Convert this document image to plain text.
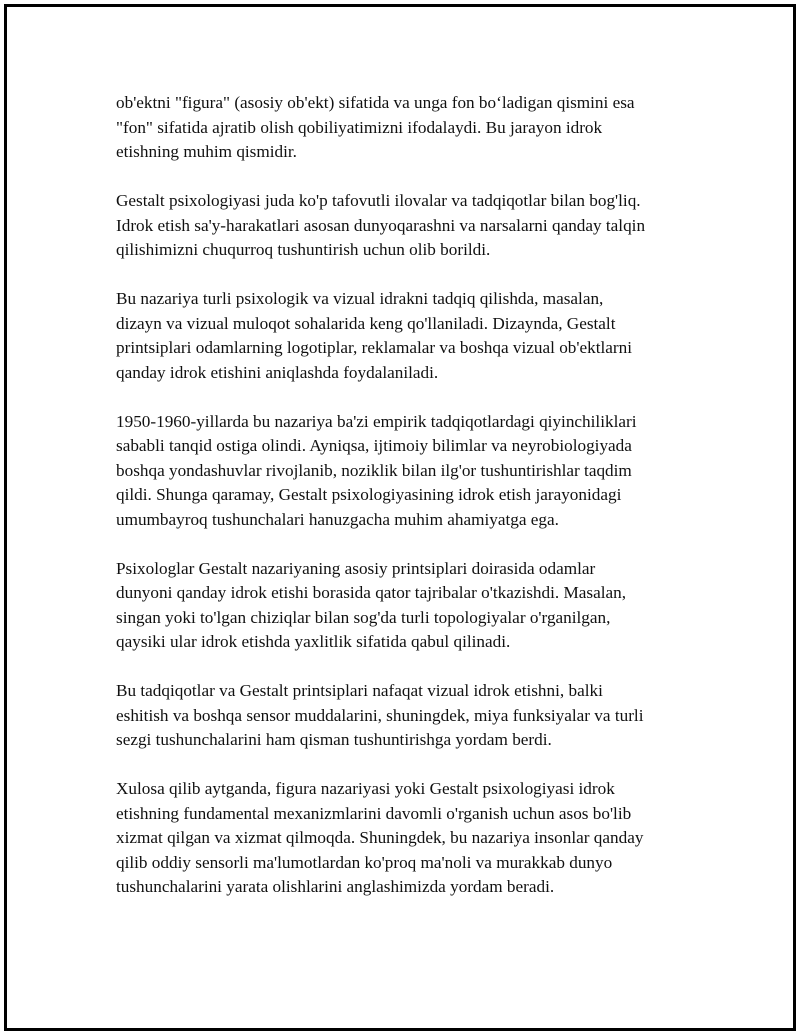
ob'ektni "figura" (asosiy ob'ekt) sifatida va unga fon bo‘ladigan qismini esa
"fon" sifatida ajratib olish qobiliyatimizni ifodalaydi. Bu jarayon idrok
etishning muhim qismidir.

Gestalt psixologiyasi juda ko'p tafovutli ilovalar va tadqiqotlar bilan bog'liq.
Idrok etish sa'y-harakatlari asosan dunyoqarashni va narsalarni qanday talqin
qilishimizni chuqurroq tushuntirish uchun olib borildi.

Bu nazariya turli psixologik va vizual idrakni tadqiq qilishda, masalan,
dizayn va vizual muloqot sohalarida keng qo'llaniladi. Dizaynda, Gestalt
printsiplari odamlarning logotiplar, reklamalar va boshqa vizual ob'ektlarni
qanday idrok etishini aniqlashda foydalaniladi.

1950-1960-yillarda bu nazariya ba'zi empirik tadqiqotlardagi qiyinchiliklari
sababli tanqid ostiga olindi. Ayniqsa, ijtimoiy bilimlar va neyrobiologiyada
boshqa yondashuvlar rivojlanib, noziklik bilan ilg'or tushuntirishlar taqdim
qildi. Shunga qaramay, Gestalt psixologiyasining idrok etish jarayonidagi
umumbayroq tushunchalari hanuzgacha muhim ahamiyatga ega.

Psixologlar Gestalt nazariyaning asosiy printsiplari doirasida odamlar
dunyoni qanday idrok etishi borasida qator tajribalar o'tkazishdi. Masalan,
singan yoki to'lgan chiziqlar bilan sog'da turli topologiyalar o'rganilgan,
qaysiki ular idrok etishda yaxlitlik sifatida qabul qilinadi.

Bu tadqiqotlar va Gestalt printsiplari nafaqat vizual idrok etishni, balki
eshitish va boshqa sensor muddalarini, shuningdek, miya funksiyalar va turli
sezgi tushunchalarini ham qisman tushuntirishga yordam berdi.

Xulosa qilib aytganda, figura nazariyasi yoki Gestalt psixologiyasi idrok
etishning fundamental mexanizmlarini davomli o'rganish uchun asos bo'lib
xizmat qilgan va xizmat qilmoqda. Shuningdek, bu nazariya insonlar qanday
qilib oddiy sensorli ma'lumotlardan ko'proq ma'noli va murakkab dunyo
tushunchalarini yarata olishlarini anglashimizda yordam beradi.
